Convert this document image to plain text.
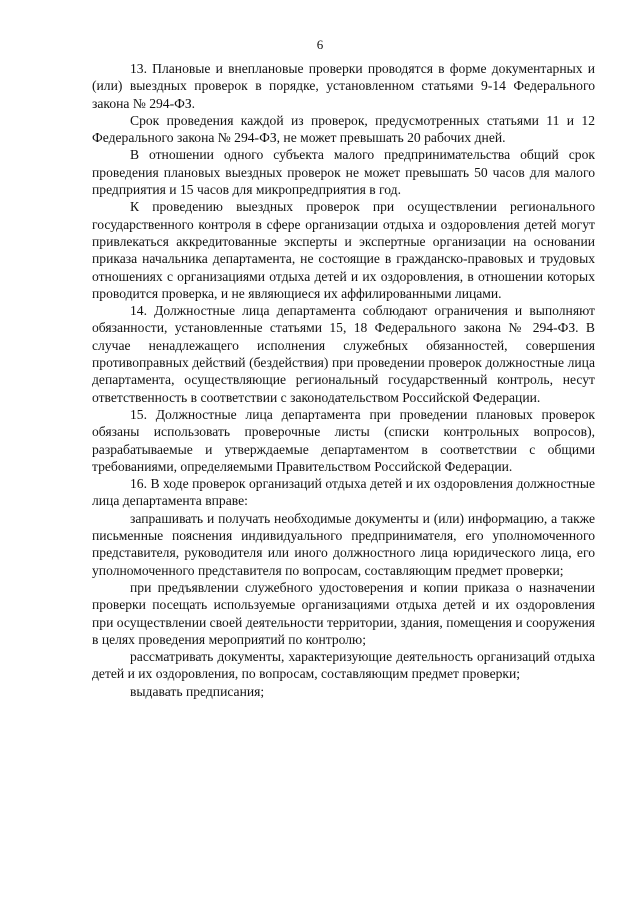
6

13. Плановые и внеплановые проверки проводятся в форме документарных и (или) выездных проверок в порядке, установленном статьями 9-14 Федерального закона № 294-ФЗ.

Срок проведения каждой из проверок, предусмотренных статьями 11 и 12 Федерального закона № 294-ФЗ, не может превышать 20 рабочих дней.

В отношении одного субъекта малого предпринимательства общий срок проведения плановых выездных проверок не может превышать 50 часов для малого предприятия и 15 часов для микропредприятия в год.

К проведению выездных проверок при осуществлении регионального государственного контроля в сфере организации отдыха и оздоровления детей могут привлекаться аккредитованные эксперты и экспертные организации на основании приказа начальника департамента, не состоящие в гражданско-правовых и трудовых отношениях с организациями отдыха детей и их оздоровления, в отношении которых проводится проверка, и не являющиеся их аффилированными лицами.

14. Должностные лица департамента соблюдают ограничения и выполняют обязанности, установленные статьями 15, 18 Федерального закона № 294-ФЗ. В случае ненадлежащего исполнения служебных обязанностей, совершения противоправных действий (бездействия) при проведении проверок должностные лица департамента, осуществляющие региональный государственный контроль, несут ответственность в соответствии с законодательством Российской Федерации.

15. Должностные лица департамента при проведении плановых проверок обязаны использовать проверочные листы (списки контрольных вопросов), разрабатываемые и утверждаемые департаментом в соответствии с общими требованиями, определяемыми Правительством Российской Федерации.

16. В ходе проверок организаций отдыха детей и их оздоровления должностные лица департамента вправе:

запрашивать и получать необходимые документы и (или) информацию, а также письменные пояснения индивидуального предпринимателя, его уполномоченного представителя, руководителя или иного должностного лица юридического лица, его уполномоченного представителя по вопросам, составляющим предмет проверки;

при предъявлении служебного удостоверения и копии приказа о назначении проверки посещать используемые организациями отдыха детей и их оздоровления при осуществлении своей деятельности территории, здания, помещения и сооружения в целях проведения мероприятий по контролю;

рассматривать документы, характеризующие деятельность организаций отдыха детей и их оздоровления, по вопросам, составляющим предмет проверки;

выдавать предписания;
